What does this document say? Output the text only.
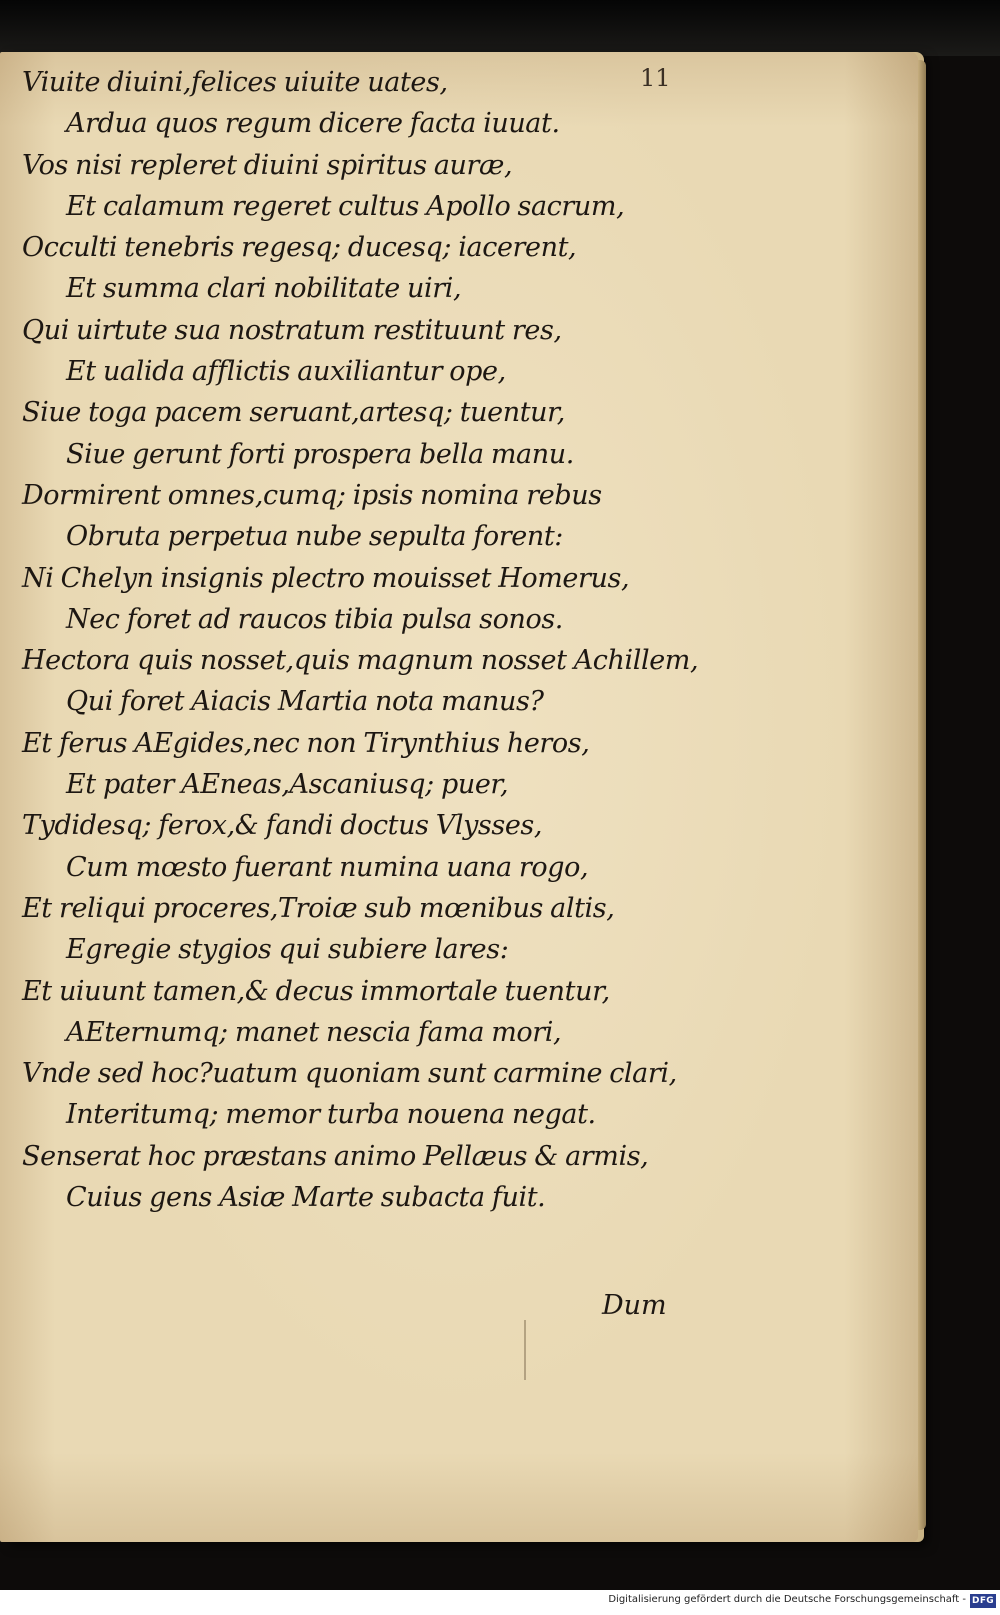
11
Viuite diuini,felices uiuite uates,
Ardua quos regum dicere facta iuuat.
Vos nisi repleret diuini spiritus auræ,
Et calamum regeret cultus Apollo sacrum,
Occulti tenebris regesq; ducesq; iacerent,
Et summa clari nobilitate uiri,
Qui uirtute sua nostratum restituunt res,
Et ualida afflictis auxiliantur ope,
Siue toga pacem seruant,artesq; tuentur,
Siue gerunt forti prospera bella manu.
Dormirent omnes,cumq; ipsis nomina rebus
Obruta perpetua nube sepulta forent:
Ni Chelyn insignis plectro mouisset Homerus,
Nec foret ad raucos tibia pulsa sonos.
Hectora quis nosset,quis magnum nosset Achillem,
Qui foret Aiacis Martia nota manus?
Et ferus AEgides,nec non Tirynthius heros,
Et pater AEneas,Ascaniusq; puer,
Tydidesq; ferox,& fandi doctus Vlysses,
Cum mœsto fuerant numina uana rogo,
Et reliqui proceres,Troiæ sub mœnibus altis,
Egregie stygios qui subiere lares:
Et uiuunt tamen,& decus immortale tuentur,
AEternumq; manet nescia fama mori,
Vnde sed hoc?uatum quoniam sunt carmine clari,
Interitumq; memor turba nouena negat.
Senserat hoc præstans animo Pellæus & armis,
Cuius gens Asiæ Marte subacta fuit.
Dum
Digitalisierung gefördert durch die Deutsche Forschungsgemeinschaft - DFG
